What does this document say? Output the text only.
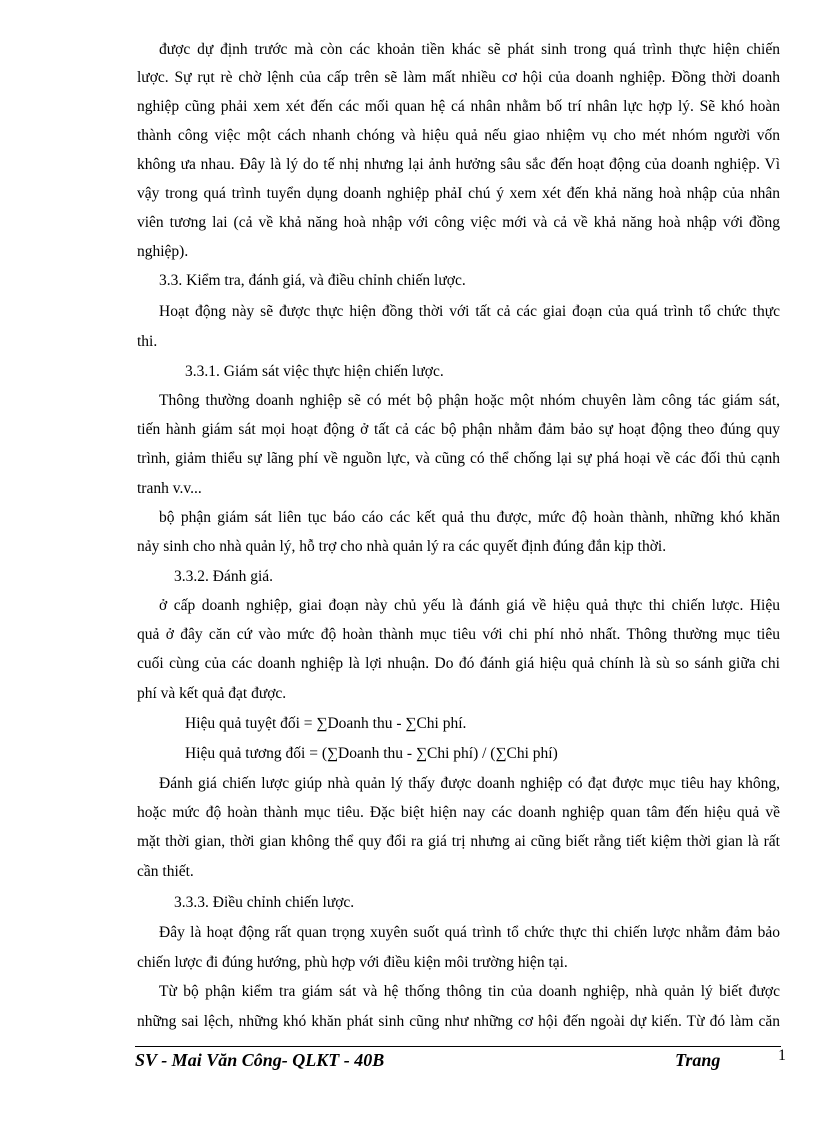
được dự định trước mà còn các khoản tiền khác sẽ phát sinh trong quá trình thực hiện chiến
lược. Sự rụt rè chờ lệnh của cấp trên sẽ làm mất nhiều cơ hội của doanh nghiệp. Đồng thời doanh
nghiệp cũng phải xem xét đến các mối quan hệ cá nhân nhằm bố trí nhân lực hợp lý. Sẽ khó hoàn
thành công việc một cách nhanh chóng và hiệu quả nếu giao nhiệm vụ cho mét nhóm người vốn
không ưa nhau. Đây là lý do tế nhị nhưng lại ảnh hưởng sâu sắc đến hoạt động của doanh nghiệp. Vì
vậy trong quá trình tuyển dụng doanh nghiệp phảI chú ý xem xét đến khả năng hoà nhập của nhân
viên tương lai (cả về khả năng hoà nhập với công việc mới và cả về khả năng hoà nhập với đồng
nghiệp).
3.3. Kiểm tra, đánh giá, và điều chỉnh chiến lược.
Hoạt động này sẽ được thực hiện đồng thời với tất cả các giai đoạn của quá trình tổ chức thực
thi.
3.3.1. Giám sát việc thực hiện chiến lược.
Thông thường doanh nghiệp sẽ có mét bộ phận hoặc một nhóm chuyên làm công tác giám sát,
tiến hành giám sát mọi hoạt động ở tất cả các bộ phận nhằm đảm bảo sự hoạt động theo đúng quy
trình, giảm thiểu sự lãng phí về nguồn lực, và cũng có thể chống lại sự phá hoại về các đối thủ cạnh
tranh v.v...
bộ phận giám sát liên tục báo cáo các kết quả thu được, mức độ hoàn thành, những khó khăn
nảy sinh cho nhà quản lý, hỗ trợ cho nhà quản lý ra các quyết định đúng đắn kịp thời.
3.3.2. Đánh giá.
ở cấp doanh nghiệp, giai đoạn này chủ yếu là đánh giá về hiệu quả thực thi chiến lược. Hiệu
quả ở đây căn cứ vào mức độ hoàn thành mục tiêu với chi phí nhỏ nhất. Thông thường mục tiêu
cuối cùng của các doanh nghiệp là lợi nhuận. Do đó đánh giá hiệu quả chính là sù so sánh giữa chi
phí và kết quả đạt được.
Hiệu quả tuyệt đối = ∑Doanh thu - ∑Chi phí.
Hiệu quả tương đối = (∑Doanh thu - ∑Chi phí) / (∑Chi phí)
Đánh giá chiến lược giúp nhà quản lý thấy được doanh nghiệp có đạt được mục tiêu hay không,
hoặc mức độ hoàn thành mục tiêu. Đặc biệt hiện nay các doanh nghiệp quan tâm đến hiệu quả về
mặt thời gian, thời gian không thể quy đổi ra giá trị nhưng ai cũng biết rằng tiết kiệm thời gian là rất
cần thiết.
3.3.3. Điều chỉnh chiến lược.
Đây là hoạt động rất quan trọng xuyên suốt quá trình tổ chức thực thi chiến lược nhằm đảm bảo
chiến lược đi đúng hướng, phù hợp với điều kiện môi trường hiện tại.
Từ bộ phận kiểm tra giám sát và hệ thống thông tin của doanh nghiệp, nhà quản lý biết được
những sai lệch, những khó khăn phát sinh cũng như những cơ hội đến ngoài dự kiến. Từ đó làm căn
SV - Mai Văn Công- QLKT - 40B	Trang	1
